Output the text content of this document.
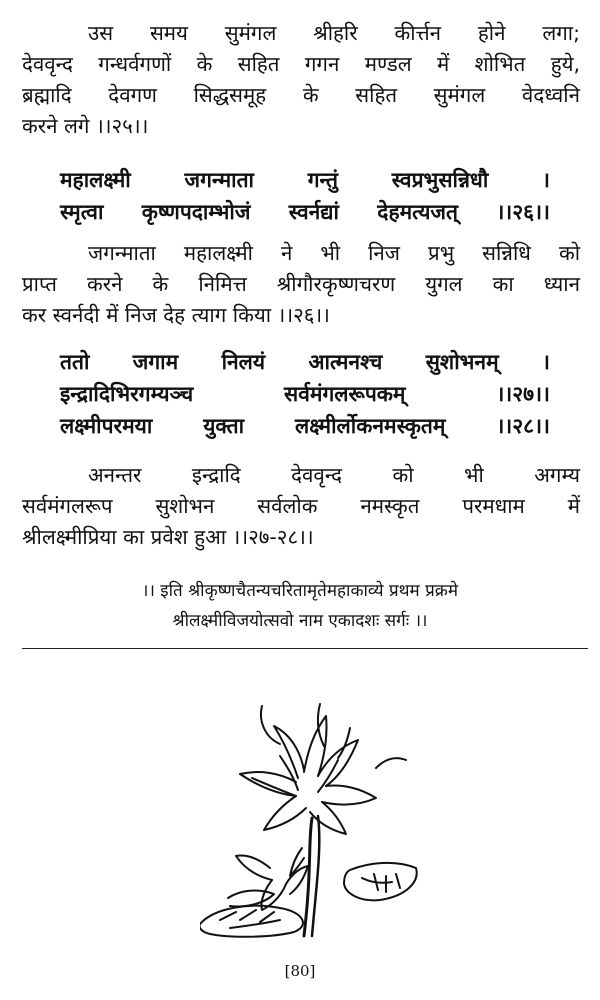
उस समय सुमंगल श्रीहरि कीर्त्तन होने लगा;
देववृन्द गन्धर्वगणों के सहित गगन मण्डल में शोभित हुये,
ब्रह्मादि देवगण सिद्धसमूह के सहित सुमंगल वेदध्वनि
करने लगे ।।२५।।
महालक्ष्मी जगन्माता गन्तुं स्वप्रभुसन्निधौ ।
स्मृत्वा कृष्णपदाम्भोजं स्वर्नद्यां देहमत्यजत् ।।२६।।
जगन्माता महालक्ष्मी ने भी निज प्रभु सन्निधि को
प्राप्त करने के निमित्त श्रीगौरकृष्णचरण युगल का ध्यान
कर स्वर्नदी में निज देह त्याग किया ।।२६।।
ततो जगाम निलयं आत्मनश्च सुशोभनम् ।
इन्द्रादिभिरगम्यञ्च सर्वमंगलरूपकम् ।।२७।।
लक्ष्मीपरमया युक्ता लक्ष्मीर्लोकनमस्कृतम् ।।२८।।
अनन्तर इन्द्रादि देववृन्द को भी अगम्य
सर्वमंगलरूप सुशोभन सर्वलोक नमस्कृत परमधाम में
श्रीलक्ष्मीप्रिया का प्रवेश हुआ ।।२७-२८।।
।। इति श्रीकृष्णचैतन्यचरितामृतेमहाकाव्ये प्रथम प्रक्रमे
श्रीलक्ष्मीविजयोत्सवो नाम एकादशः सर्गः ।।
[80]
